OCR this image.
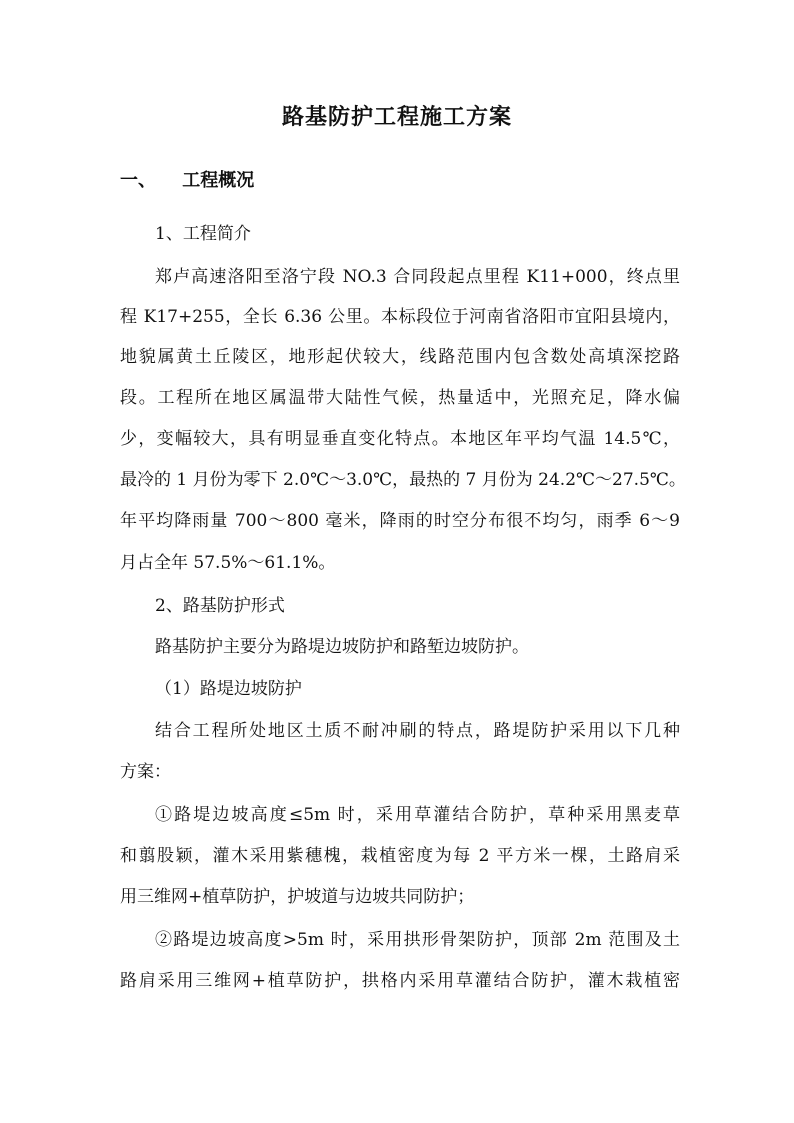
路基防护工程施工方案
一、 工程概况
1、工程简介
郑卢高速洛阳至洛宁段 NO.3 合同段起点里程 K11+000，终点里
程 K17+255，全长 6.36 公里。本标段位于河南省洛阳市宜阳县境内，
地貌属黄土丘陵区，地形起伏较大，线路范围内包含数处高填深挖路
段。工程所在地区属温带大陆性气候，热量适中，光照充足，降水偏
少，变幅较大，具有明显垂直变化特点。本地区年平均气温 14.5℃，
最冷的 1 月份为零下 2.0℃～3.0℃，最热的 7 月份为 24.2℃～27.5℃。
年平均降雨量 700～800 毫米，降雨的时空分布很不均匀，雨季 6～9
月占全年 57.5%～61.1%。
2、路基防护形式
路基防护主要分为路堤边坡防护和路堑边坡防护。
（1）路堤边坡防护
结合工程所处地区土质不耐冲刷的特点，路堤防护采用以下几种
方案：
①路堤边坡高度≤5m 时，采用草灌结合防护，草种采用黑麦草
和翦股颖，灌木采用紫穗槐，栽植密度为每 2 平方米一棵，土路肩采
用三维网+植草防护，护坡道与边坡共同防护；
②路堤边坡高度>5m 时，采用拱形骨架防护，顶部 2m 范围及土
路肩采用三维网+植草防护，拱格内采用草灌结合防护，灌木栽植密
